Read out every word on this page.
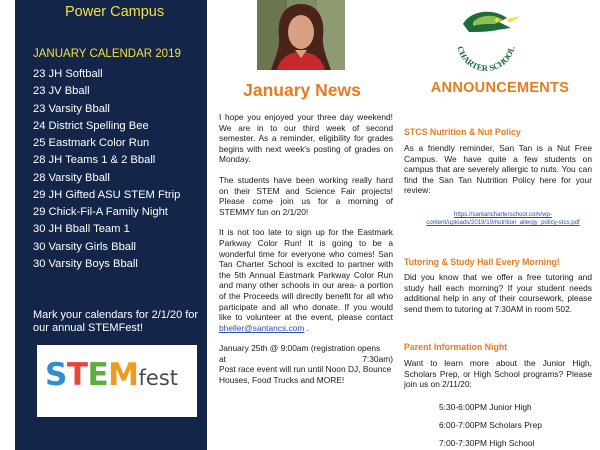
Power Campus
JANUARY CALENDAR 2019
23 JH Softball
23 JV Bball
23 Varsity Bball
24 District Spelling Bee
25 Eastmark Color Run
28 JH Teams 1 & 2 Bball
28 Varsity Bball
29 JH Gifted ASU STEM Ftrip
29 Chick-Fil-A Family Night
30 JH Bball Team 1
30 Varsity Girls Bball
30 Varsity Boys Bball
Mark your calendars for 2/1/20 for our annual STEMFest!
STEMfest
January News

I hope you enjoyed your three day weekend! We are in to our third week of second semester. As a reminder, eligibility for grades begins with next week's posting of grades on Monday.

The students have been working really hard on their STEM and Science Fair projects! Please come join us for a morning of STEMMY fun on 2/1/20!

It is not too late to sign up for the Eastmark Parkway Color Run! It is going to be a wonderful time for everyone who comes! San Tan Charter School is excited to partner with the 5th Annual Eastmark Parkway Color Run and many other schools in our area- a portion of the Proceeds will directly benefit for all who participate and all who donate. If you would like to volunteer at the event, please contact bheller@santancs.com .

January 25th @ 9:00am (registration opens
at	7:30am)
Post race event will run until Noon DJ, Bounce Houses, Food Trucks and MORE!
CHARTER SCHOOL
ANNOUNCEMENTS
STCS Nutrition & Nut Policy
As a friendly reminder, San Tan is a Nut Free Campus. We have quite a few students on campus that are severely allergic to nuts. You can find the San Tan Nutrition Policy here for your review:
https://santancharterschool.com/wp-content/uploads/2019/10/nutrition_allergy_policy-stcs.pdf
Tutoring & Study Hall Every Morning!
Did you know that we offer a free tutoring and study hall each morning? If your student needs additional help in any of their coursework, please send them to tutoring at 7:30AM in room 502.
Parent Information Night
Want to learn more about the Junior High, Scholars Prep, or High School programs? Please join us on 2/11/20:
5:30-6:00PM Junior High
6:00-7:00PM Scholars Prep
7:00-7:30PM High School
